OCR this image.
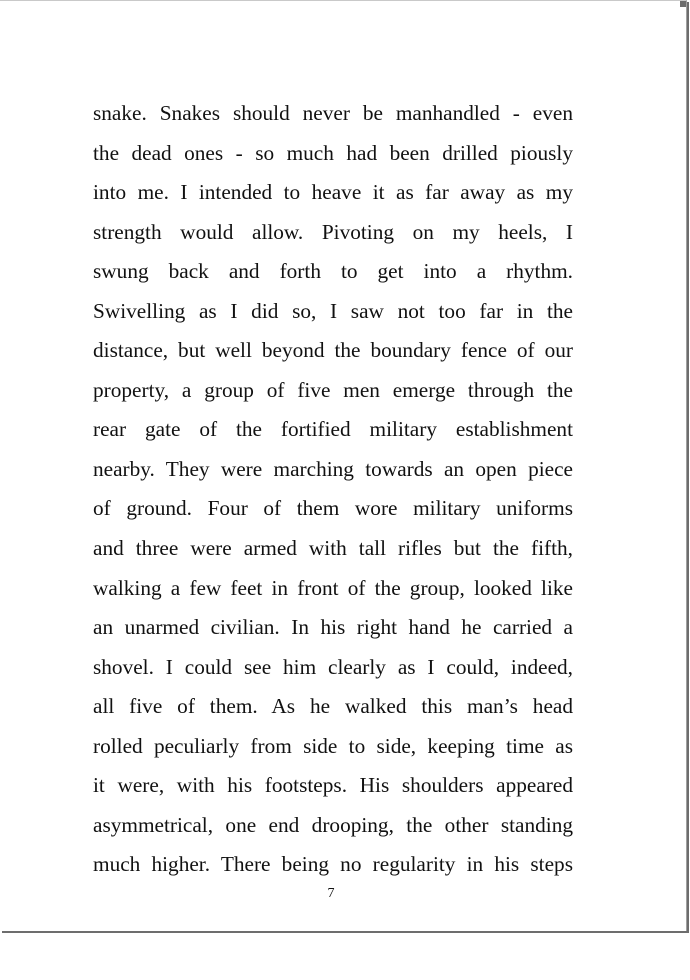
snake. Snakes should never be manhandled - even
the dead ones - so much had been drilled piously
into me. I intended to heave it as far away as my
strength would allow. Pivoting on my heels, I
swung back and forth to get into a rhythm.
Swivelling as I did so, I saw not too far in the
distance, but well beyond the boundary fence of our
property, a group of five men emerge through the
rear gate of the fortified military establishment
nearby. They were marching towards an open piece
of ground. Four of them wore military uniforms
and three were armed with tall rifles but the fifth,
walking a few feet in front of the group, looked like
an unarmed civilian. In his right hand he carried a
shovel. I could see him clearly as I could, indeed,
all five of them. As he walked this man’s head
rolled peculiarly from side to side, keeping time as
it were, with his footsteps. His shoulders appeared
asymmetrical, one end drooping, the other standing
much higher. There being no regularity in his steps
7
